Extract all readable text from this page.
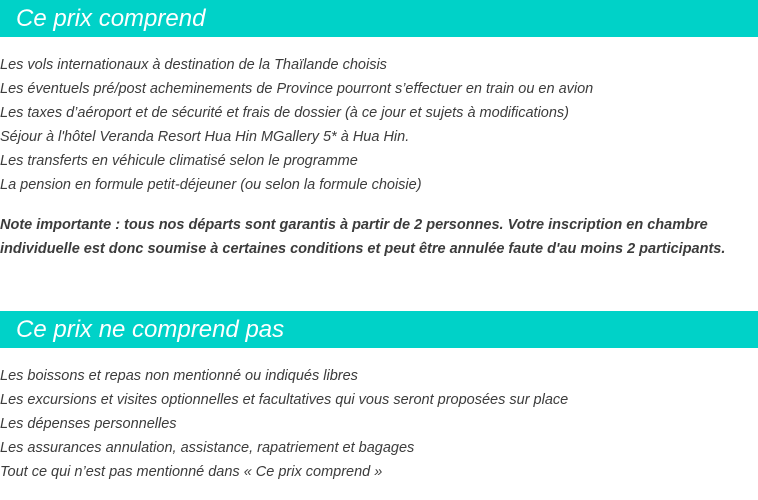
Ce prix comprend
Les vols internationaux à destination de la Thaïlande choisis
Les éventuels pré/post acheminements de Province pourront s’effectuer en train ou en avion
Les taxes d’aéroport et de sécurité et frais de dossier (à ce jour et sujets à modifications)
Séjour à l'hôtel Veranda Resort Hua Hin MGallery 5* à Hua Hin.
Les transferts en véhicule climatisé selon le programme
La pension en formule petit-déjeuner (ou selon la formule choisie)

Note importante : tous nos départs sont garantis à partir de 2 personnes. Votre inscription en chambre individuelle est donc soumise à certaines conditions et peut être annulée faute d'au moins 2 participants.

Ce prix ne comprend pas
Les boissons et repas non mentionné ou indiqués libres
Les excursions et visites optionnelles et facultatives qui vous seront proposées sur place
Les dépenses personnelles
Les assurances annulation, assistance, rapatriement et bagages
Tout ce qui n’est pas mentionné dans « Ce prix comprend »
